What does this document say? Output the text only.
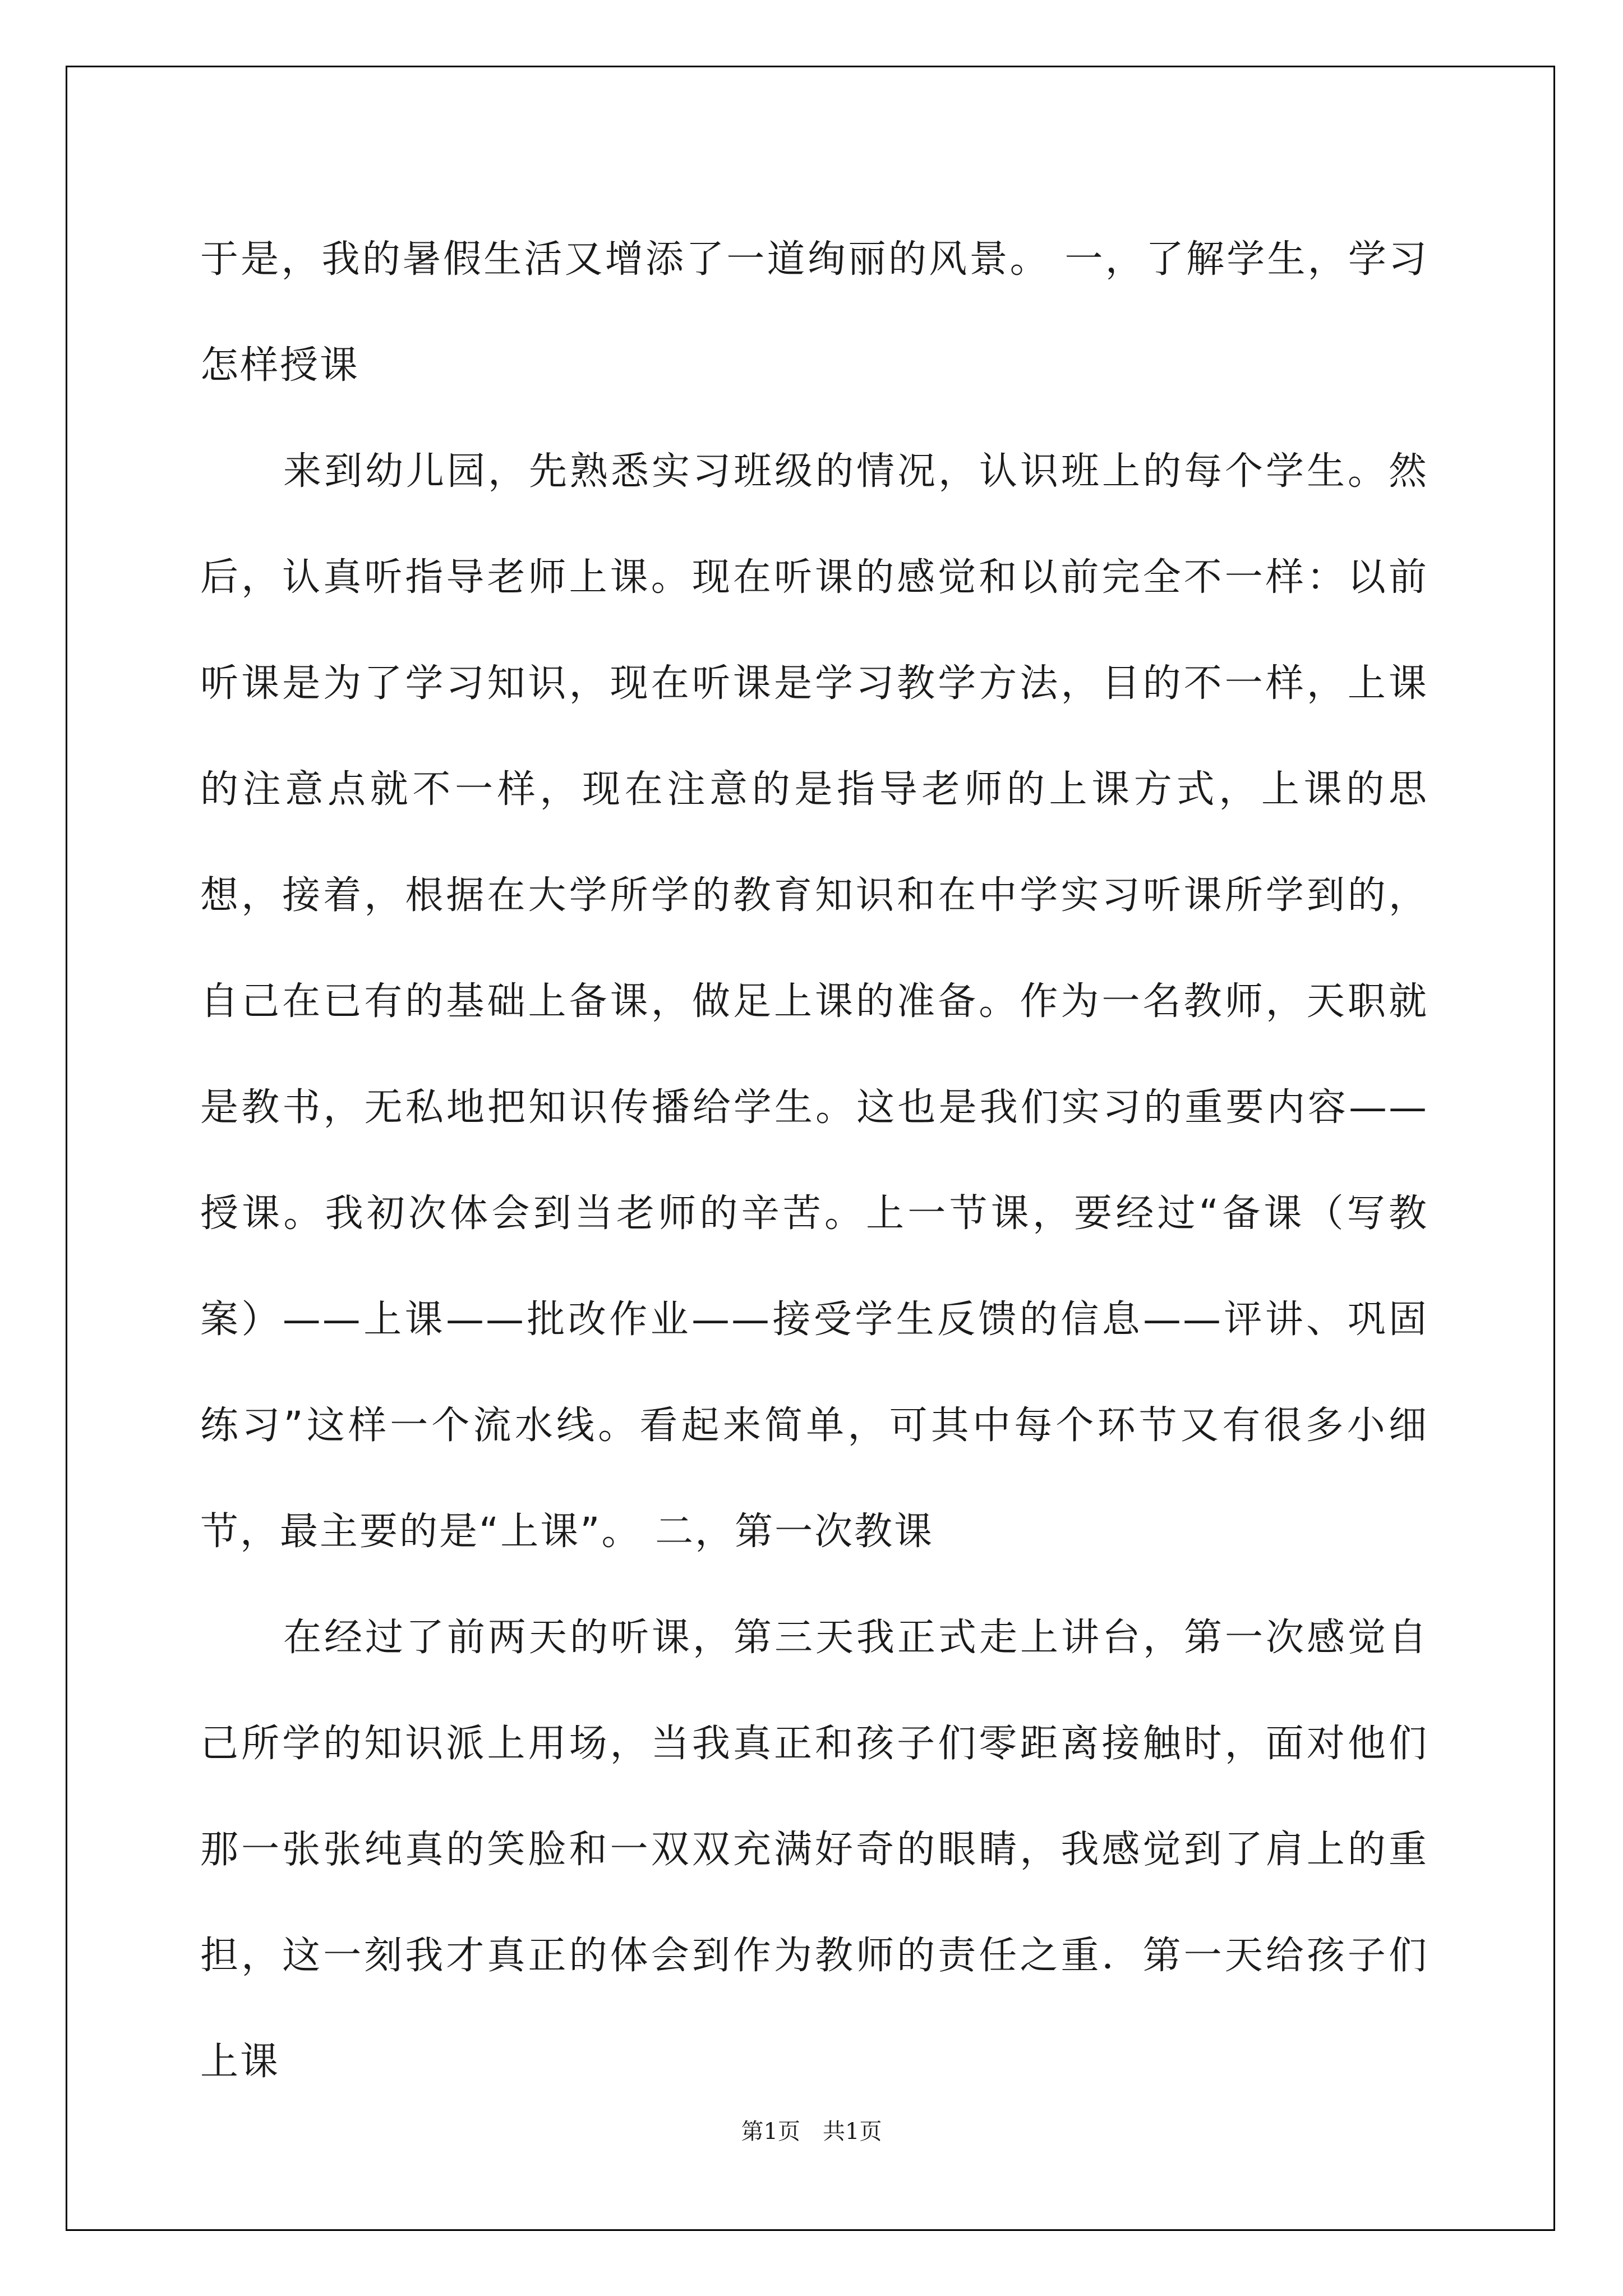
于是，我的暑假生活又增添了一道绚丽的风景。 一，了解学生，学习怎样授课

来到幼儿园，先熟悉实习班级的情况，认识班上的每个学生。然后，认真听指导老师上课。现在听课的感觉和以前完全不一样：以前听课是为了学习知识，现在听课是学习教学方法，目的不一样，上课的注意点就不一样，现在注意的是指导老师的上课方式，上课的思想，接着，根据在大学所学的教育知识和在中学实习听课所学到的，自己在已有的基础上备课，做足上课的准备。作为一名教师，天职就是教书，无私地把知识传播给学生。这也是我们实习的重要内容——授课。我初次体会到当老师的辛苦。上一节课，要经过“备课（写教案）——上课——批改作业——接受学生反馈的信息——评讲、巩固练习”这样一个流水线。看起来简单，可其中每个环节又有很多小细节，最主要的是“上课”。 二，第一次教课

在经过了前两天的听课，第三天我正式走上讲台，第一次感觉自己所学的知识派上用场，当我真正和孩子们零距离接触时，面对他们那一张张纯真的笑脸和一双双充满好奇的眼睛，我感觉到了肩上的重担，这一刻我才真正的体会到作为教师的责任之重．第一天给孩子们上课

第1页　共1页
